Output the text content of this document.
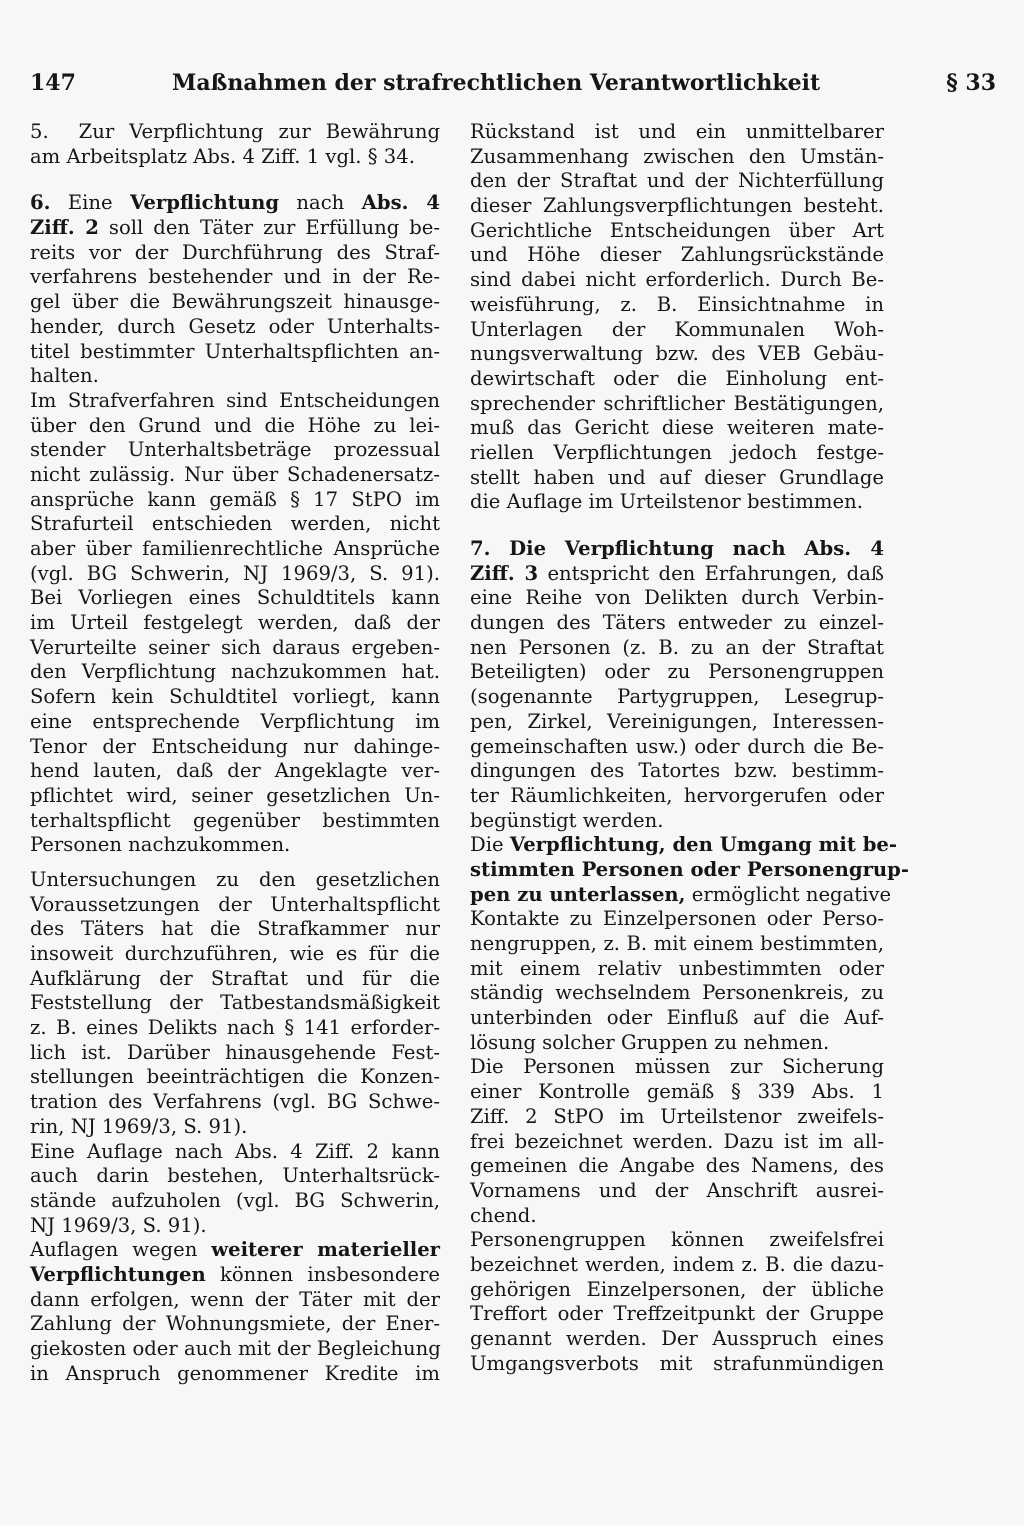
147	Maßnahmen der strafrechtlichen Verantwortlichkeit	§ 33
5.  Zur Verpflichtung zur Bewährung
am Arbeitsplatz Abs. 4 Ziff. 1 vgl. § 34.
6. Eine Verpflichtung nach Abs. 4
Ziff. 2 soll den Täter zur Erfüllung be-
reits vor der Durchführung des Straf-
verfahrens bestehender und in der Re-
gel über die Bewährungszeit hinausge-
hender, durch Gesetz oder Unterhalts-
titel bestimmter Unterhaltspflichten an-
halten.
Im Strafverfahren sind Entscheidungen
über den Grund und die Höhe zu lei-
stender Unterhaltsbeträge prozessual
nicht zulässig. Nur über Schadenersatz-
ansprüche kann gemäß § 17 StPO im
Strafurteil entschieden werden, nicht
aber über familienrechtliche Ansprüche
(vgl. BG Schwerin, NJ 1969/3, S. 91).
Bei Vorliegen eines Schuldtitels kann
im Urteil festgelegt werden, daß der
Verurteilte seiner sich daraus ergeben-
den Verpflichtung nachzukommen hat.
Sofern kein Schuldtitel vorliegt, kann
eine entsprechende Verpflichtung im
Tenor der Entscheidung nur dahinge-
hend lauten, daß der Angeklagte ver-
pflichtet wird, seiner gesetzlichen Un-
terhaltspflicht gegenüber bestimmten
Personen nachzukommen.
Untersuchungen zu den gesetzlichen
Voraussetzungen der Unterhaltspflicht
des Täters hat die Strafkammer nur
insoweit durchzuführen, wie es für die
Aufklärung der Straftat und für die
Feststellung der Tatbestandsmäßigkeit
z. B. eines Delikts nach § 141 erforder-
lich ist. Darüber hinausgehende Fest-
stellungen beeinträchtigen die Konzen-
tration des Verfahrens (vgl. BG Schwe-
rin, NJ 1969/3, S. 91).
Eine Auflage nach Abs. 4 Ziff. 2 kann
auch darin bestehen, Unterhaltsrück-
stände aufzuholen (vgl. BG Schwerin,
NJ 1969/3, S. 91).
Auflagen wegen weiterer materieller
Verpflichtungen können insbesondere
dann erfolgen, wenn der Täter mit der
Zahlung der Wohnungsmiete, der Ener-
giekosten oder auch mit der Begleichung
in Anspruch genommener Kredite im
Rückstand ist und ein unmittelbarer
Zusammenhang zwischen den Umstän-
den der Straftat und der Nichterfüllung
dieser Zahlungsverpflichtungen besteht.
Gerichtliche Entscheidungen über Art
und Höhe dieser Zahlungsrückstände
sind dabei nicht erforderlich. Durch Be-
weisführung, z. B. Einsichtnahme in
Unterlagen der Kommunalen Woh-
nungsverwaltung bzw. des VEB Gebäu-
dewirtschaft oder die Einholung ent-
sprechender schriftlicher Bestätigungen,
muß das Gericht diese weiteren mate-
riellen Verpflichtungen jedoch festge-
stellt haben und auf dieser Grundlage
die Auflage im Urteilstenor bestimmen.
7. Die Verpflichtung nach Abs. 4
Ziff. 3 entspricht den Erfahrungen, daß
eine Reihe von Delikten durch Verbin-
dungen des Täters entweder zu einzel-
nen Personen (z. B. zu an der Straftat
Beteiligten) oder zu Personengruppen
(sogenannte Partygruppen, Lesegrup-
pen, Zirkel, Vereinigungen, Interessen-
gemeinschaften usw.) oder durch die Be-
dingungen des Tatortes bzw. bestimm-
ter Räumlichkeiten, hervorgerufen oder
begünstigt werden.
Die Verpflichtung, den Umgang mit be-
stimmten Personen oder Personengrup-
pen zu unterlassen, ermöglicht negative
Kontakte zu Einzelpersonen oder Perso-
nengruppen, z. B. mit einem bestimmten,
mit einem relativ unbestimmten oder
ständig wechselndem Personenkreis, zu
unterbinden oder Einfluß auf die Auf-
lösung solcher Gruppen zu nehmen.
Die Personen müssen zur Sicherung
einer Kontrolle gemäß § 339 Abs. 1
Ziff. 2 StPO im Urteilstenor zweifels-
frei bezeichnet werden. Dazu ist im all-
gemeinen die Angabe des Namens, des
Vornamens und der Anschrift ausrei-
chend.
Personengruppen können zweifelsfrei
bezeichnet werden, indem z. B. die dazu-
gehörigen Einzelpersonen, der übliche
Treffort oder Treffzeitpunkt der Gruppe
genannt werden. Der Ausspruch eines
Umgangsverbots mit strafunmündigen
